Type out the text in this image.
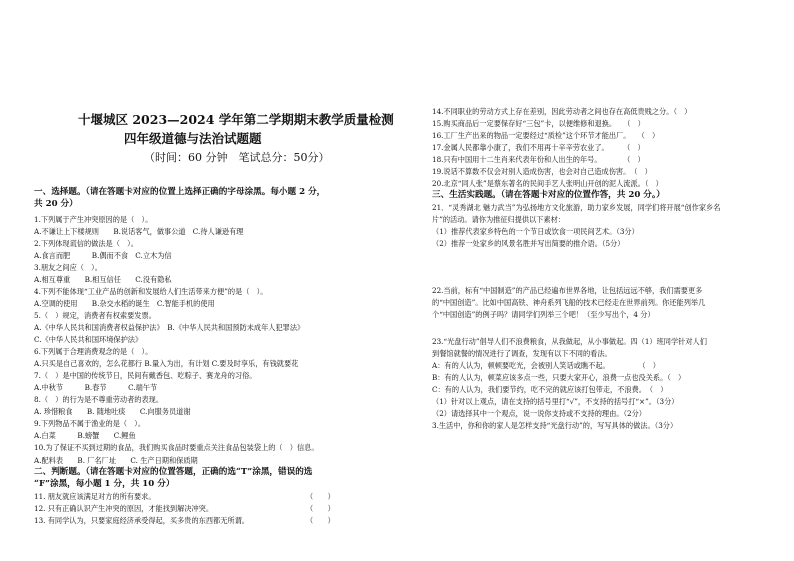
十堰城区 2023—2024 学年第二学期期末教学质量检测
四年级道德与法治试题题
（时间：60 分钟　笔试总分：50分）
一、选择题。（请在答题卡对应的位置上选择正确的字母涂黑。每小题 2 分，
共 20 分）
1.下列属于产生冲突原因的是（　）。
A.不谦让上下楼规则　　B.说话客气，做事公道　C.待人谦逊有理
2.下列体现谎信的做法是（　）。
A.食言而肥　　　B.偶而不食　C.立木为信
3.朋友之间应（　）。
A.相互尊重　　B.相互信任　　C.没有隐私
4.下列不能体现“工业产品的创新和发展给人们生活带来方便”的是（　）。
A.空调的使用　　B.杂交水稻的诞生　C.智能手机的使用
5.（　）规定，消费者有权索要发票。
A.《中华人民共和国消费者权益保护法》　B.《中华人民共和国预防未成年人犯罪法》
C.《中华人民共和国环境保护法》
6.下列属于合理消费观念的是（　）。
A.只买是自己喜欢的，怎么花都行 B.量入为出，有计划 C.要及时享乐，有钱就要花
7.（　）是中国的传统节日，民间有戴香包、吃粽子、赛龙舟的习俗。
A.中秋节　　　B.春节　　　C.端午节
8.（　）的行为是不尊重劳动者的表现。
A. 珍惜粮食　　B. 随地吐痰　　C.向服务员道谢
9.下列物品不属于渔业的是（　）。
A.白菜　　　B.螃蟹　　C.鲤鱼
10.为了保证不买到过期的食品，我们购买食品时要重点关注食品包装袋上的（　）信息。
A.配料表　　B. 厂名厂址　　C. 生产日期和保质期
二、判断题。（请在答题卡对应的位置答题，正确的选“T”涂黑，错误的选
“F”涂黑，每小题 1 分，共 10 分）
11. 朋友就应该满足对方的所有要求。	（　　）
12. 只有正确认识产生冲突的原因，才能找到解决冲突。	（　　）
13. 有同学认为，只要家庭经济承受得起，买多贵的东西都无所谓。	（　　）
14.不同职业的劳动方式上存在差别，因此劳动者之间也存在高低贵贱之分。（　）
15.购买商品后一定要保存好“三包”卡，以便维修和退换。　　（　）
16.工厂生产出来的物品一定要经过“质检”这个环节才能出厂。　　（　）
17.金属人民都靠小康了，我们不用再十辛辛劳农业了。　　　（　）
18.只有中国用十二生肖来代表年份和人出生的年号。　　　　（　）
19.说话不算数不仅会对别人造成伤害，也会对自己造成伤害。　（　）
20.北京“同人张”是蔡东著名的民间手艺人张明山开创的泥人流派。（　）
三、生活实践题。（请在答题卡对应的位置作答，共 20 分。）
21．“灵秀湖北 魅力武当”为弘扬地方文化旅游，助力家乡发展，同学们将开展“创作家乡名
片”的活动。请你为推征归提供以下素材：
（1）推荐代表家乡特色的一个节日或饮食一项民间艺术。（3分）
（2）推荐一处家乡的风景名胜并写出简要的推介语。（5分）
22.当前，标有“中国制造”的产品已经遍布世界各地，让包括远远不够，我们需要更多
的“中国创造”。比如中国高铁、神舟系列飞船的技术已经走在世界前列。你还能列举几
个“中国创造”的例子吗？请同学们列举三个吧！（至少写出个，4 分）
23.“光盘行动”倡导人们不浪费粮食，从我做起，从小事做起。四（1）班同学针对人们
到餐馆就餐的情况进行了调查，发现有以下不同的看法。
A：有的人认为，顿顿要吃光，会被别人笑话或瞧不起。　　　　　（　）
B：有的人认为，顿菜应该多点一些，只要大家开心，浪费一点也没关系。（　）
C：有的人认为，我们要节约，吃不完的就应该打包带走，不浪费。　（　）
（1）针对以上观点，请在支持的括号里打“√”，不支持的括号打“×”。（3分）
（2）请选择其中一个观点，说一说你支持或不支持的理由。（2分）
3.生活中，你和你的家人是怎样支持“光盘行动”的，写写具体的做法。（3分）
